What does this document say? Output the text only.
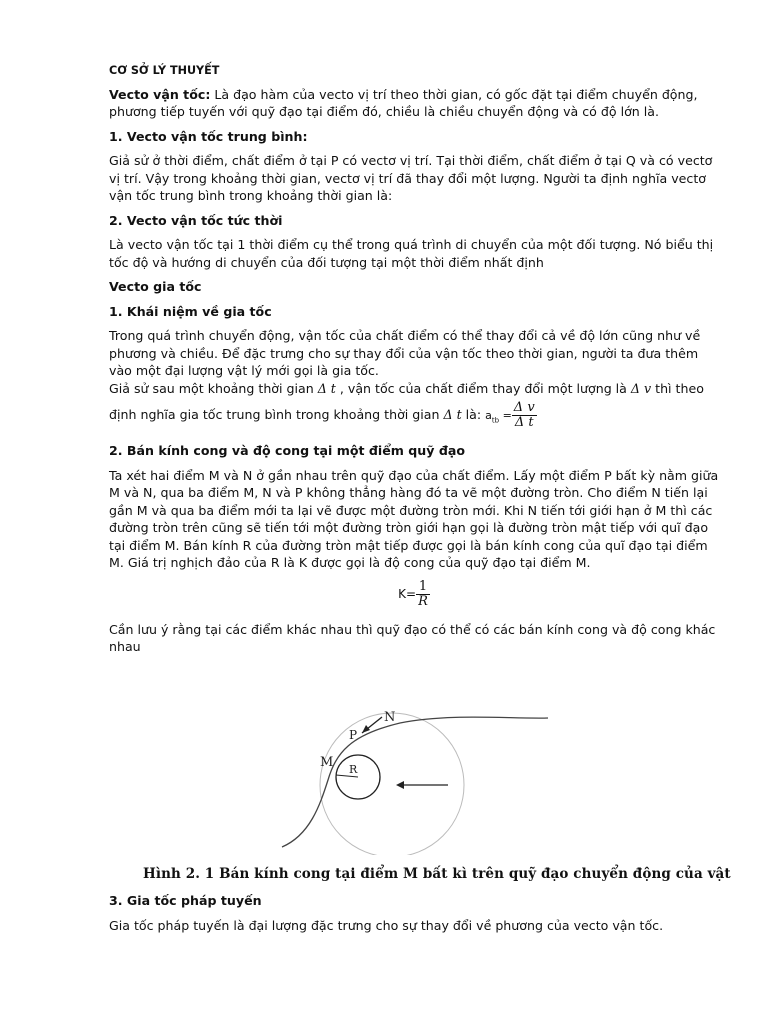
CƠ SỞ LÝ THUYẾT

Vecto vận tốc: Là đạo hàm của vecto vị trí theo thời gian, có gốc đặt tại điểm chuyển động, phương tiếp tuyến với quỹ đạo tại điểm đó, chiều là chiều chuyển động và có độ lớn là.

1. Vecto vận tốc trung bình:

Giả sử ở thời điểm, chất điểm ở tại P có vectơ vị trí. Tại thời điểm, chất điểm ở tại Q và có vectơ vị trí. Vậy trong khoảng thời gian, vectơ vị trí đã thay đổi một lượng. Người ta định nghĩa vectơ vận tốc trung bình trong khoảng thời gian là:

2. Vecto vận tốc tức thời

Là vecto vận tốc tại 1 thời điểm cụ thể trong quá trình di chuyển của một đối tượng. Nó biểu thị tốc độ và hướng di chuyển của đối tượng tại một thời điểm nhất định

Vecto gia tốc
1. Khái niệm về gia tốc

Trong quá trình chuyển động, vận tốc của chất điểm có thể thay đổi cả về độ lớn cũng như về phương và chiều. Để đặc trưng cho sự thay đổi của vận tốc theo thời gian, người ta đưa thêm vào một đại lượng vật lý mới gọi là gia tốc.

Giả sử sau một khoảng thời gian Δ t , vận tốc của chất điểm thay đổi một lượng là Δ v thì theo

định nghĩa gia tốc trung bình trong khoảng thời gian Δ t là: $a_{tb} = \frac{\text{Δ v}}{\text{Δ t}}$

2. Bán kính cong và độ cong tại một điểm quỹ đạo

Ta xét hai điểm M và N ở gần nhau trên quỹ đạo của chất điểm. Lấy một điểm P bất kỳ nằm giữa M và N, qua ba điểm M, N và P không thẳng hàng đó ta vẽ một đường tròn. Cho điểm N tiến lại gần M và qua ba điểm mới ta lại vẽ được một đường tròn mới. Khi N tiến tới giới hạn ở M thì các đường tròn trên cũng sẽ tiến tới một đường tròn giới hạn gọi là đường tròn mật tiếp với quĩ đạo tại điểm M. Bán kính R của đường tròn mật tiếp được gọi là bán kính cong của quĩ đạo tại điểm M. Giá trị nghịch đảo của R là K được gọi là độ cong của quỹ đạo tại điểm M.

$K= \frac{1}{R}$

Cần lưu ý rằng tại các điểm khác nhau thì quỹ đạo có thể có các bán kính cong và độ cong khác nhau

N
P
M R
Hình 2. 1 Bán kính cong tại điểm M bất kì trên quỹ đạo chuyển động của vật
3. Gia tốc pháp tuyến

Gia tốc pháp tuyến là đại lượng đặc trưng cho sự thay đổi về phương của vecto vận tốc.
